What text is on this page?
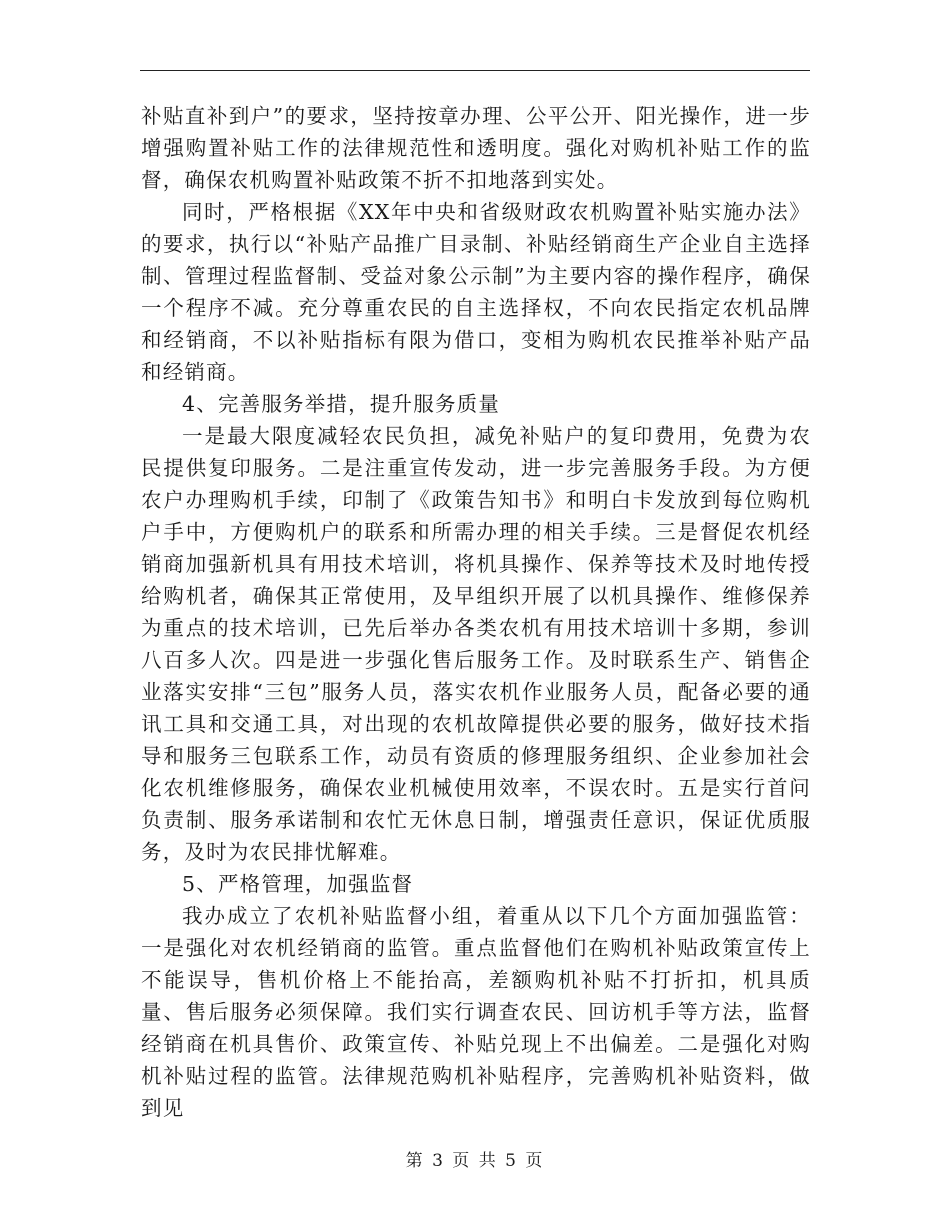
补贴直补到户”的要求，坚持按章办理、公平公开、阳光操作，进一步增强购置补贴工作的法律规范性和透明度。强化对购机补贴工作的监督，确保农机购置补贴政策不折不扣地落到实处。

同时，严格根据《XX年中央和省级财政农机购置补贴实施办法》的要求，执行以“补贴产品推广目录制、补贴经销商生产企业自主选择制、管理过程监督制、受益对象公示制”为主要内容的操作程序，确保一个程序不减。充分尊重农民的自主选择权，不向农民指定农机品牌和经销商，不以补贴指标有限为借口，变相为购机农民推举补贴产品和经销商。

4、完善服务举措，提升服务质量

一是最大限度减轻农民负担，减免补贴户的复印费用，免费为农民提供复印服务。二是注重宣传发动，进一步完善服务手段。为方便农户办理购机手续，印制了《政策告知书》和明白卡发放到每位购机户手中，方便购机户的联系和所需办理的相关手续。三是督促农机经销商加强新机具有用技术培训，将机具操作、保养等技术及时地传授给购机者，确保其正常使用，及早组织开展了以机具操作、维修保养为重点的技术培训，已先后举办各类农机有用技术培训十多期，参训八百多人次。四是进一步强化售后服务工作。及时联系生产、销售企业落实安排“三包”服务人员，落实农机作业服务人员，配备必要的通讯工具和交通工具，对出现的农机故障提供必要的服务，做好技术指导和服务三包联系工作，动员有资质的修理服务组织、企业参加社会化农机维修服务，确保农业机械使用效率，不误农时。五是实行首问负责制、服务承诺制和农忙无休息日制，增强责任意识，保证优质服务，及时为农民排忧解难。

5、严格管理，加强监督

我办成立了农机补贴监督小组，着重从以下几个方面加强监管：一是强化对农机经销商的监管。重点监督他们在购机补贴政策宣传上不能误导，售机价格上不能抬高，差额购机补贴不打折扣，机具质量、售后服务必须保障。我们实行调查农民、回访机手等方法，监督经销商在机具售价、政策宣传、补贴兑现上不出偏差。二是强化对购机补贴过程的监管。法律规范购机补贴程序，完善购机补贴资料，做到见

第 3 页 共 5 页
